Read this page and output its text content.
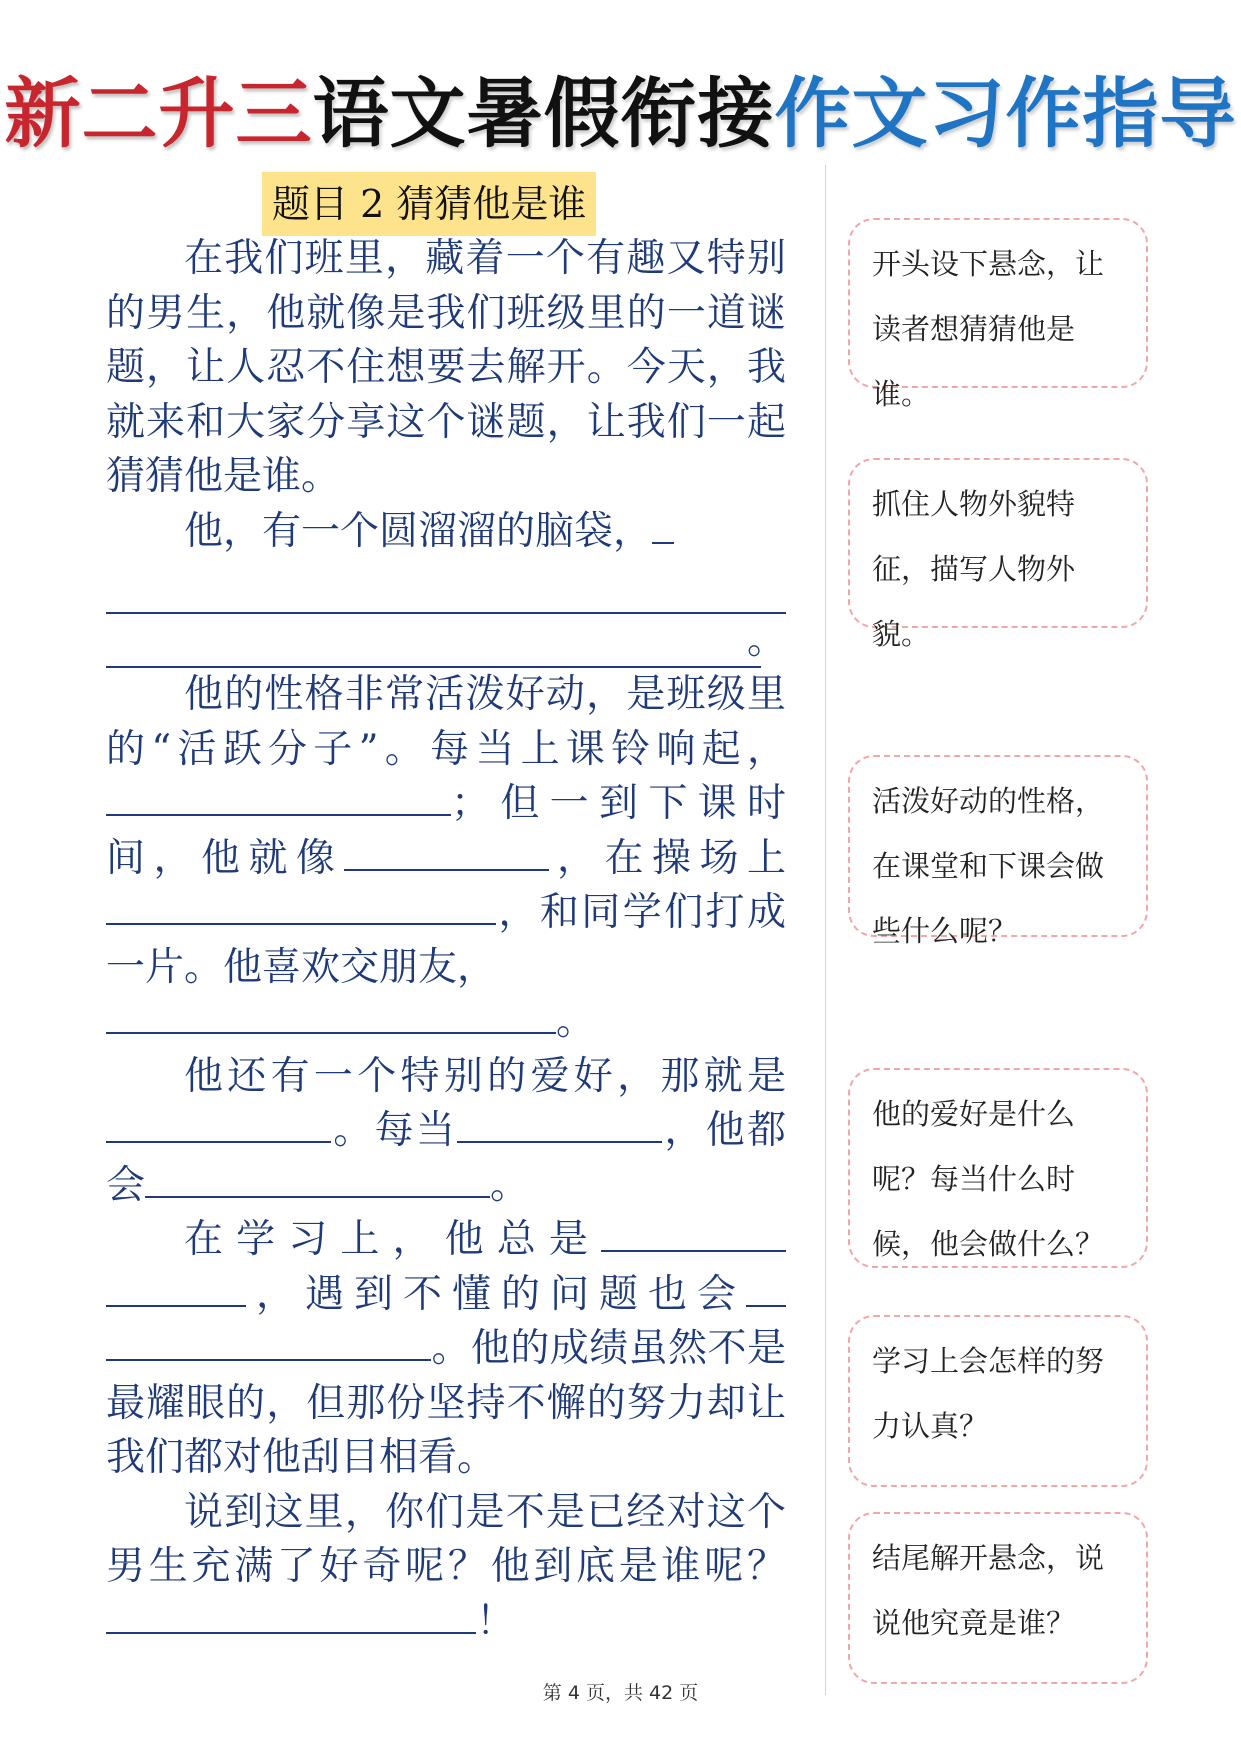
新二升三语文暑假衔接作文习作指导
题目 2 猜猜他是谁

在我们班里，藏着一个有趣又特别的男生，他就像是我们班级里的一道谜题，让人忍不住想要去解开。今天，我就来和大家分享这个谜题，让我们一起猜猜他是谁。

他，有一个圆溜溜的脑袋，

。

他的性格非常活泼好动，是班级里的“活跃分子”。每当上课铃响起，；但一到下课时间，他就像	，在操场上，和同学们打成一片。他喜欢交朋友，
。

他还有一个特别的爱好，那就是。每当	，他都会	。

在学习上，他总是，遇到不懂的问题也会。他的成绩虽然不是最耀眼的，但那份坚持不懈的努力却让我们都对他刮目相看。

说到这里，你们是不是已经对这个男生充满了好奇呢？他到底是谁呢？！

开头设下悬念，让读者想猜猜他是谁。
抓住人物外貌特征，描写人物外貌。
活泼好动的性格，在课堂和下课会做些什么呢？
他的爱好是什么呢？每当什么时候，他会做什么？
学习上会怎样的努力认真？
结尾解开悬念，说说他究竟是谁？
第 4 页，共 42 页
